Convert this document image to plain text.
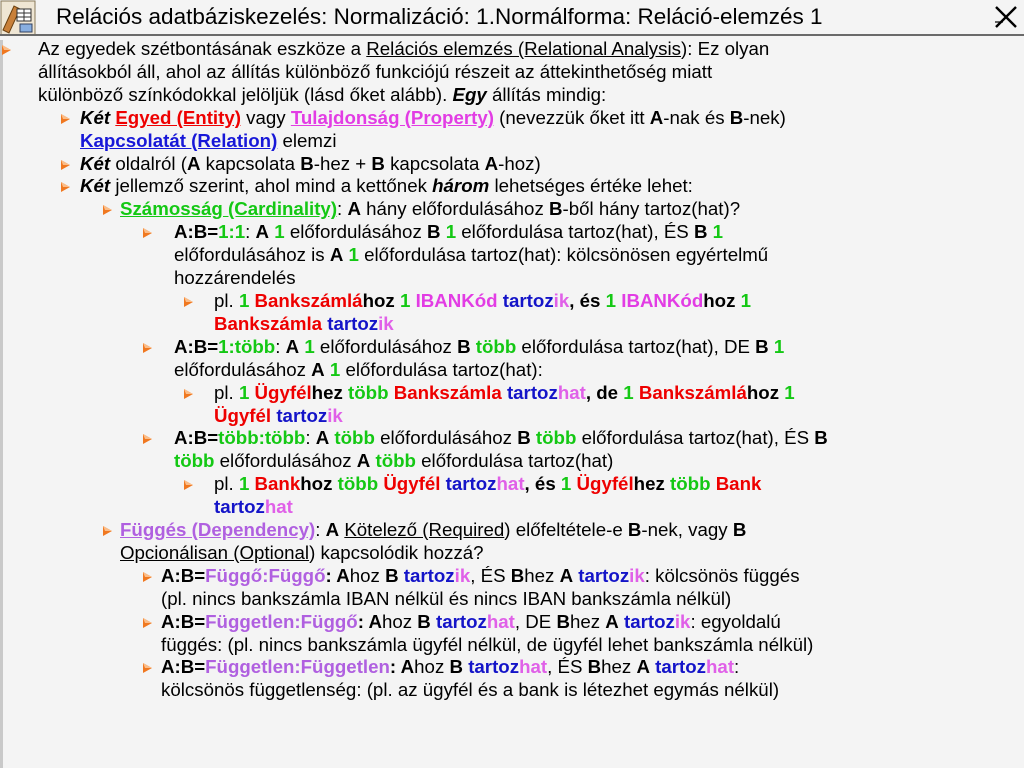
Relációs adatbáziskezelés: Normalizáció: 1.Normálforma: Reláció-elemzés 1
Az egyedek szétbontásának eszköze a Relációs elemzés (Relational Analysis): Ez olyan
állításokból áll, ahol az állítás különböző funkciójú részeit az áttekinthetőség miatt
különböző színkódokkal jelöljük (lásd őket alább). Egy állítás mindig:
Két Egyed (Entity) vagy Tulajdonság (Property) (nevezzük őket itt A-nak és B-nek)
Kapcsolatát (Relation) elemzi
Két oldalról (A kapcsolata B-hez + B kapcsolata A-hoz)
Két jellemző szerint, ahol mind a kettőnek három lehetséges értéke lehet:
Számosság (Cardinality): A hány előfordulásához B-ből hány tartoz(hat)?
A:B=1:1: A 1 előfordulásához B 1 előfordulása tartoz(hat), ÉS B 1
előfordulásához is A 1 előfordulása tartoz(hat): kölcsönösen egyértelmű
hozzárendelés
pl. 1 Bankszámlához 1 IBANKód tartozik, és 1 IBANKódhoz 1
Bankszámla tartozik
A:B=1:több: A 1 előfordulásához B több előfordulása tartoz(hat), DE B 1
előfordulásához A 1 előfordulása tartoz(hat):
pl. 1 Ügyfélhez több Bankszámla tartozhat, de 1 Bankszámlához 1
Ügyfél tartozik
A:B=több:több: A több előfordulásához B több előfordulása tartoz(hat), ÉS B
több előfordulásához A több előfordulása tartoz(hat)
pl. 1 Bankhoz több Ügyfél tartozhat, és 1 Ügyfélhez több Bank
tartozhat
Függés (Dependency): A Kötelező (Required) előfeltétele-e B-nek, vagy B
Opcionálisan (Optional) kapcsolódik hozzá?
A:B=Függő:Függő: Ahoz B tartozik, ÉS Bhez A tartozik: kölcsönös függés
(pl. nincs bankszámla IBAN nélkül és nincs IBAN bankszámla nélkül)
A:B=Független:Függő: Ahoz B tartozhat, DE Bhez A tartozik: egyoldalú
függés: (pl. nincs bankszámla ügyfél nélkül, de ügyfél lehet bankszámla nélkül)
A:B=Független:Független: Ahoz B tartozhat, ÉS Bhez A tartozhat:
kölcsönös függetlenség: (pl. az ügyfél és a bank is létezhet egymás nélkül)
